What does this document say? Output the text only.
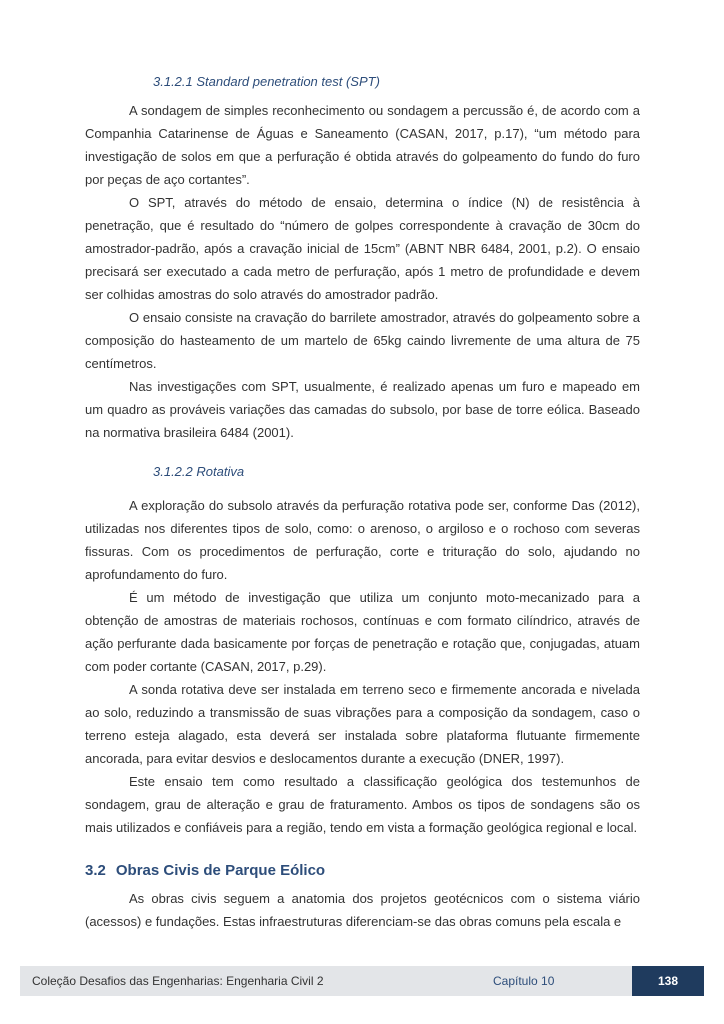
3.1.2.1 Standard penetration test (SPT)

A sondagem de simples reconhecimento ou sondagem a percussão é, de acordo com a Companhia Catarinense de Águas e Saneamento (CASAN, 2017, p.17), “um método para investigação de solos em que a perfuração é obtida através do golpeamento do fundo do furo por peças de aço cortantes”.

O SPT, através do método de ensaio, determina o índice (N) de resistência à penetração, que é resultado do “número de golpes correspondente à cravação de 30cm do amostrador-padrão, após a cravação inicial de 15cm” (ABNT NBR 6484, 2001, p.2). O ensaio precisará ser executado a cada metro de perfuração, após 1 metro de profundidade e devem ser colhidas amostras do solo através do amostrador padrão.

O ensaio consiste na cravação do barrilete amostrador, através do golpeamento sobre a composição do hasteamento de um martelo de 65kg caindo livremente de uma altura de 75 centímetros.

Nas investigações com SPT, usualmente, é realizado apenas um furo e mapeado em um quadro as prováveis variações das camadas do subsolo, por base de torre eólica. Baseado na normativa brasileira 6484 (2001).

3.1.2.2 Rotativa

A exploração do subsolo através da perfuração rotativa pode ser, conforme Das (2012), utilizadas nos diferentes tipos de solo, como: o arenoso, o argiloso e o rochoso com severas fissuras. Com os procedimentos de perfuração, corte e trituração do solo, ajudando no aprofundamento do furo.

É um método de investigação que utiliza um conjunto moto-mecanizado para a obtenção de amostras de materiais rochosos, contínuas e com formato cilíndrico, através de ação perfurante dada basicamente por forças de penetração e rotação que, conjugadas, atuam com poder cortante (CASAN, 2017, p.29).

A sonda rotativa deve ser instalada em terreno seco e firmemente ancorada e nivelada ao solo, reduzindo a transmissão de suas vibrações para a composição da sondagem, caso o terreno esteja alagado, esta deverá ser instalada sobre plataforma flutuante firmemente ancorada, para evitar desvios e deslocamentos durante a execução (DNER, 1997).

Este ensaio tem como resultado a classificação geológica dos testemunhos de sondagem, grau de alteração e grau de fraturamento. Ambos os tipos de sondagens são os mais utilizados e confiáveis para a região, tendo em vista a formação geológica regional e local.

3.2 Obras Civis de Parque Eólico

As obras civis seguem a anatomia dos projetos geotécnicos com o sistema viário (acessos) e fundações. Estas infraestruturas diferenciam-se das obras comuns pela escala e

Coleção Desafios das Engenharias: Engenharia Civil 2	Capítulo 10	138
